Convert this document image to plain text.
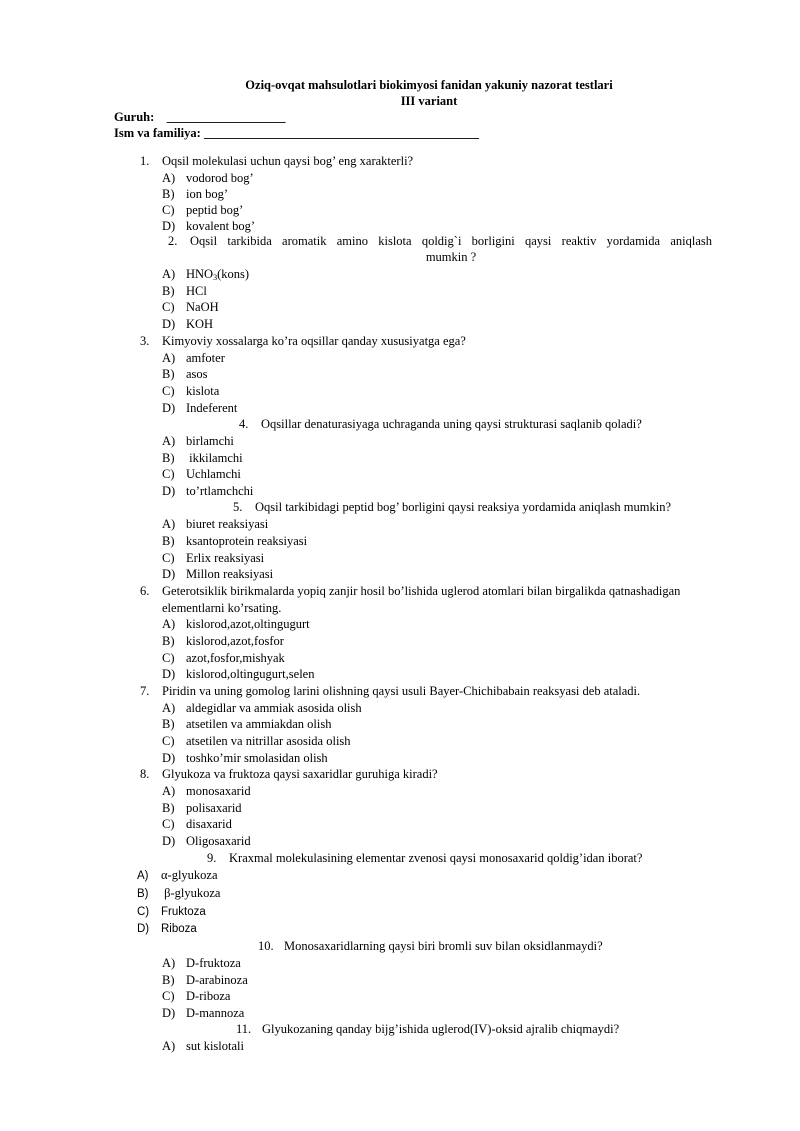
Oziq-ovqat mahsulotlari biokimyosi fanidan yakuniy nazorat testlari
III variant
Guruh: ___________________
Ism va familiya: ____________________________________________
1. Oqsil molekulasi uchun qaysi bog’ eng xarakterli?
A) vodorod bog’
B) ion bog’
C) peptid bog’
D) kovalent bog’
2. Oqsil tarkibida aromatik amino kislota qoldig`i borligini qaysi reaktiv yordamida aniqlash
mumkin ?
A) $HNO_3(kons)$
B) HCl
C) NaOH
D) KOH
3. Kimyoviy xossalarga ko’ra oqsillar qanday xususiyatga ega?
A) amfoter
B) asos
C) kislota
D) Indeferent
4. Oqsillar denaturasiyaga uchraganda uning qaysi strukturasi saqlanib qoladi?
A) birlamchi
B) ikkilamchi
C) Uchlamchi
D) to’rtlamchchi
5. Oqsil tarkibidagi peptid bog’ borligini qaysi reaksiya yordamida aniqlash mumkin?
A) biuret reaksiyasi
B) ksantoprotein reaksiyasi
C) Erlix reaksiyasi
D) Millon reaksiyasi
6. Geterotsiklik birikmalarda yopiq zanjir hosil bo’lishida uglerod atomlari bilan birgalikda qatnashadigan
elementlarni ko’rsating.
A) kislorod,azot,oltingugurt
B) kislorod,azot,fosfor
C) azot,fosfor,mishyak
D) kislorod,oltingugurt,selen
7. Piridin va uning gomolog larini olishning qaysi usuli Bayer-Chichibabain reaksyasi deb ataladi.
A) aldegidlar va ammiak asosida olish
B) atsetilen va ammiakdan olish
C) atsetilen va nitrillar asosida olish
D) toshko’mir smolasidan olish
8. Glyukoza va fruktoza qaysi saxaridlar guruhiga kiradi?
A) monosaxarid
B) polisaxarid
C) disaxarid
D) Oligosaxarid
9. Kraxmal molekulasining elementar zvenosi qaysi monosaxarid qoldig’idan iborat?
A) α-glyukoza
B) β-glyukoza
C) Fruktoza
D) Riboza
10. Monosaxaridlarning qaysi biri bromli suv bilan oksidlanmaydi?
A) D-fruktoza
B) D-arabinoza
C) D-riboza
D) D-mannoza
11. Glyukozaning qanday bijg’ishida uglerod(IV)-oksid ajralib chiqmaydi?
A) sut kislotali
